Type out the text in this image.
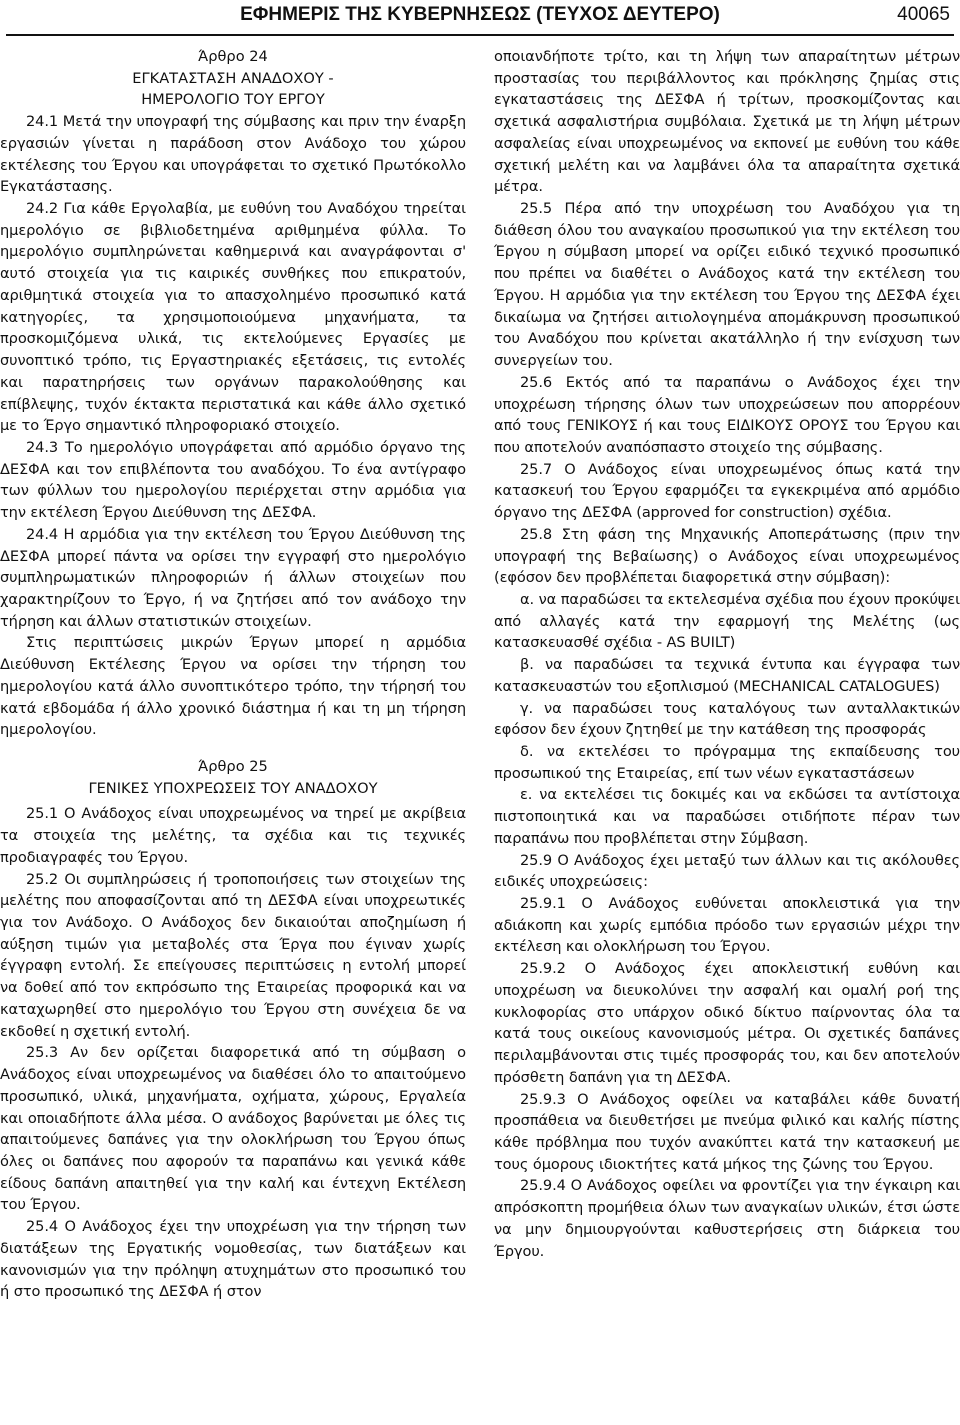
ΕΦΗΜΕΡΙΣ ΤΗΣ ΚΥΒΕΡΝΗΣΕΩΣ (ΤΕΥΧΟΣ ΔΕΥΤΕΡΟ)	40065

Άρθρο 24

ΕΓΚΑΤΑΣΤΑΣΗ ΑΝΑΔΟΧΟΥ -

ΗΜΕΡΟΛΟΓΙΟ ΤΟΥ ΕΡΓΟΥ

24.1 Μετά την υπογραφή της σύμβασης και πριν την έναρξη εργασιών γίνεται η παράδοση στον Ανάδοχο του χώρου εκτέλεσης του Έργου και υπογράφεται το σχετικό Πρωτόκολλο Εγκατάστασης.

24.2 Για κάθε Εργολαβία, με ευθύνη του Αναδόχου τηρείται ημερολόγιο σε βιβλιοδετημένα αριθμημένα φύλλα. Το ημερολόγιο συμπληρώνεται καθημερινά και αναγράφονται σ' αυτό στοιχεία για τις καιρικές συνθήκες που επικρατούν, αριθμητικά στοιχεία για το απασχολημένο προσωπικό κατά κατηγορίες, τα χρησιμοποιούμενα μηχανήματα, τα προσκομιζόμενα υλικά, τις εκτελούμενες Εργασίες με συνοπτικό τρόπο, τις Εργαστηριακές εξετάσεις, τις εντολές και παρατηρήσεις των οργάνων παρακολούθησης και επίβλεψης, τυχόν έκτακτα περιστατικά και κάθε άλλο σχετικό με το Έργο σημαντικό πληροφοριακό στοιχείο.

24.3 Το ημερολόγιο υπογράφεται από αρμόδιο όργανο της ΔΕΣΦΑ και τον επιβλέποντα του αναδόχου. Το ένα αντίγραφο των φύλλων του ημερολογίου περιέρχεται στην αρμόδια για την εκτέλεση Έργου Διεύθυνση της ΔΕΣΦΑ.

24.4 Η αρμόδια για την εκτέλεση του Έργου Διεύθυνση της ΔΕΣΦΑ μπορεί πάντα να ορίσει την εγγραφή στο ημερολόγιο συμπληρωματικών πληροφοριών ή άλλων στοιχείων που χαρακτηρίζουν το Έργο, ή να ζητήσει από τον ανάδοχο την τήρηση και άλλων στατιστικών στοιχείων.

Στις περιπτώσεις μικρών Έργων μπορεί η αρμόδια Διεύθυνση Εκτέλεσης Έργου να ορίσει την τήρηση του ημερολογίου κατά άλλο συνοπτικότερο τρόπο, την τήρησή του κατά εβδομάδα ή άλλο χρονικό διάστημα ή και τη μη τήρηση ημερολογίου.

Άρθρο 25

ΓΕΝΙΚΕΣ ΥΠΟΧΡΕΩΣΕΙΣ ΤΟΥ ΑΝΑΔΟΧΟΥ

25.1 Ο Ανάδοχος είναι υποχρεωμένος να τηρεί με ακρίβεια τα στοιχεία της μελέτης, τα σχέδια και τις τεχνικές προδιαγραφές του Έργου.

25.2 Οι συμπληρώσεις ή τροποποιήσεις των στοιχείων της μελέτης που αποφασίζονται από τη ΔΕΣΦΑ είναι υποχρεωτικές για τον Ανάδοχο. Ο Ανάδοχος δεν δικαιούται αποζημίωση ή αύξηση τιμών για μεταβολές στα Έργα που έγιναν χωρίς έγγραφη εντολή. Σε επείγουσες περιπτώσεις η εντολή μπορεί να δοθεί από τον εκπρόσωπο της Εταιρείας προφορικά και να καταχωρηθεί στο ημερολόγιο του Έργου στη συνέχεια δε να εκδοθεί η σχετική εντολή.

25.3 Αν δεν ορίζεται διαφορετικά από τη σύμβαση ο Ανάδοχος είναι υποχρεωμένος να διαθέσει όλο το απαιτούμενο προσωπικό, υλικά, μηχανήματα, οχήματα, χώρους, Εργαλεία και οποιαδήποτε άλλα μέσα. Ο ανάδοχος βαρύνεται με όλες τις απαιτούμενες δαπάνες για την ολοκλήρωση του Έργου όπως όλες οι δαπάνες που αφορούν τα παραπάνω και γενικά κάθε είδους δαπάνη απαιτηθεί για την καλή και έντεχνη Εκτέλεση του Έργου.

25.4 Ο Ανάδοχος έχει την υποχρέωση για την τήρηση των διατάξεων της Εργατικής νομοθεσίας, των διατάξεων και κανονισμών για την πρόληψη ατυχημάτων στο προσωπικό του ή στο προσωπικό της ΔΕΣΦΑ ή στον

οποιανδήποτε τρίτο, και τη λήψη των απαραίτητων μέτρων προστασίας του περιβάλλοντος και πρόκλησης ζημίας στις εγκαταστάσεις της ΔΕΣΦΑ ή τρίτων, προσκομίζοντας και σχετικά ασφαλιστήρια συμβόλαια. Σχετικά με τη λήψη μέτρων ασφαλείας είναι υποχρεωμένος να εκπονεί με ευθύνη του κάθε σχετική μελέτη και να λαμβάνει όλα τα απαραίτητα σχετικά μέτρα.

25.5 Πέρα από την υποχρέωση του Αναδόχου για τη διάθεση όλου του αναγκαίου προσωπικού για την εκτέλεση του Έργου η σύμβαση μπορεί να ορίζει ειδικό τεχνικό προσωπικό που πρέπει να διαθέτει ο Ανάδοχος κατά την εκτέλεση του Έργου. Η αρμόδια για την εκτέλεση του Έργου της ΔΕΣΦΑ έχει δικαίωμα να ζητήσει αιτιολογημένα απομάκρυνση προσωπικού του Αναδόχου που κρίνεται ακατάλληλο ή την ενίσχυση των συνεργείων του.

25.6 Εκτός από τα παραπάνω ο Ανάδοχος έχει την υποχρέωση τήρησης όλων των υποχρεώσεων που απορρέουν από τους ΓΕΝΙΚΟΥΣ ή και τους ΕΙΔΙΚΟΥΣ ΟΡΟΥΣ του Έργου και που αποτελούν αναπόσπαστο στοιχείο της σύμβασης.

25.7 Ο Ανάδοχος είναι υποχρεωμένος όπως κατά την κατασκευή του Έργου εφαρμόζει τα εγκεκριμένα από αρμόδιο όργανο της ΔΕΣΦΑ (approved for construction) σχέδια.

25.8 Στη φάση της Μηχανικής Αποπεράτωσης (πριν την υπογραφή της Βεβαίωσης) ο Ανάδοχος είναι υποχρεωμένος (εφόσον δεν προβλέπεται διαφορετικά στην σύμβαση):

α. να παραδώσει τα εκτελεσμένα σχέδια που έχουν προκύψει από αλλαγές κατά την εφαρμογή της Μελέτης (ως κατασκευασθέ σχέδια - AS BUILT)

β. να παραδώσει τα τεχνικά έντυπα και έγγραφα των κατασκευαστών του εξοπλισμού (MECHANICAL CATALOGUES)

γ. να παραδώσει τους καταλόγους των ανταλλακτικών εφόσον δεν έχουν ζητηθεί με την κατάθεση της προσφοράς

δ. να εκτελέσει το πρόγραμμα της εκπαίδευσης του προσωπικού της Εταιρείας, επί των νέων εγκαταστάσεων

ε. να εκτελέσει τις δοκιμές και να εκδώσει τα αντίστοιχα πιστοποιητικά και να παραδώσει οτιδήποτε πέραν των παραπάνω που προβλέπεται στην Σύμβαση.

25.9 Ο Ανάδοχος έχει μεταξύ των άλλων και τις ακόλουθες ειδικές υποχρεώσεις:

25.9.1 Ο Ανάδοχος ευθύνεται αποκλειστικά για την αδιάκοπη και χωρίς εμπόδια πρόοδο των εργασιών μέχρι την εκτέλεση και ολοκλήρωση του Έργου.

25.9.2 Ο Ανάδοχος έχει αποκλειστική ευθύνη και υποχρέωση να διευκολύνει την ασφαλή και ομαλή ροή της κυκλοφορίας στο υπάρχον οδικό δίκτυο παίρνοντας όλα τα κατά τους οικείους κανονισμούς μέτρα. Οι σχετικές δαπάνες περιλαμβάνονται στις τιμές προσφοράς του, και δεν αποτελούν πρόσθετη δαπάνη για τη ΔΕΣΦΑ.

25.9.3 Ο Ανάδοχος οφείλει να καταβάλει κάθε δυνατή προσπάθεια να διευθετήσει με πνεύμα φιλικό και καλής πίστης κάθε πρόβλημα που τυχόν ανακύπτει κατά την κατασκευή με τους όμορους ιδιοκτήτες κατά μήκος της ζώνης του Έργου.

25.9.4 Ο Ανάδοχος οφείλει να φροντίζει για την έγκαιρη και απρόσκοπτη προμήθεια όλων των αναγκαίων υλικών, έτσι ώστε να μην δημιουργούνται καθυστερήσεις στη διάρκεια του Έργου.
